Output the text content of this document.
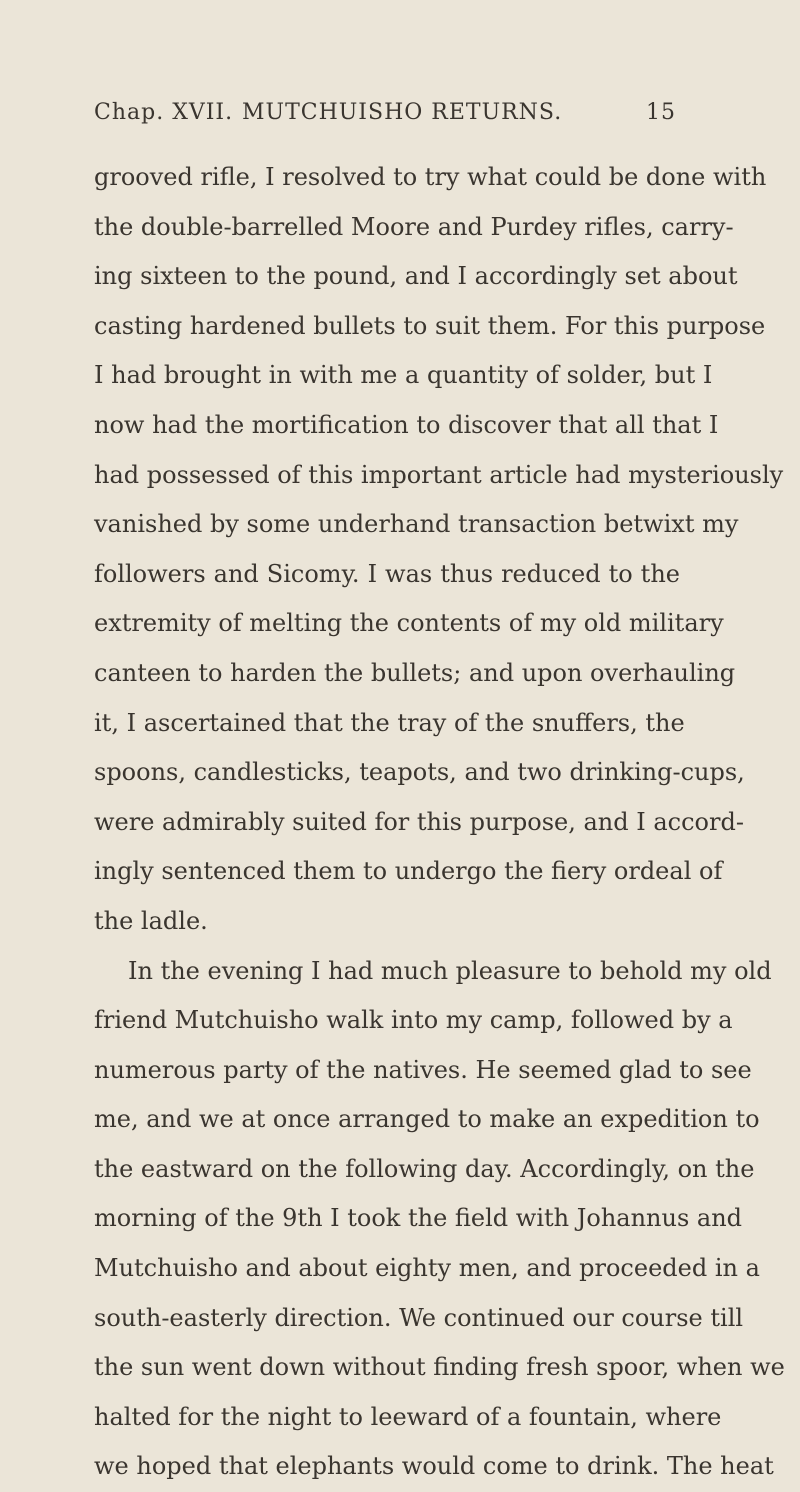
Chap. XVII. MUTCHUISHO RETURNS.	15
grooved rifle, I resolved to try what could be done with
the double-barrelled Moore and Purdey rifles, carry-
ing sixteen to the pound, and I accordingly set about
casting hardened bullets to suit them. For this purpose
I had brought in with me a quantity of solder, but I
now had the mortification to discover that all that I
had possessed of this important article had mysteriously
vanished by some underhand transaction betwixt my
followers and Sicomy. I was thus reduced to the
extremity of melting the contents of my old military
canteen to harden the bullets; and upon overhauling
it, I ascertained that the tray of the snuffers, the
spoons, candlesticks, teapots, and two drinking-cups,
were admirably suited for this purpose, and I accord-
ingly sentenced them to undergo the fiery ordeal of
the ladle.
In the evening I had much pleasure to behold my old
friend Mutchuisho walk into my camp, followed by a
numerous party of the natives. He seemed glad to see
me, and we at once arranged to make an expedition to
the eastward on the following day. Accordingly, on the
morning of the 9th I took the field with Johannus and
Mutchuisho and about eighty men, and proceeded in a
south-easterly direction. We continued our course till
the sun went down without finding fresh spoor, when we
halted for the night to leeward of a fountain, where
we hoped that elephants would come to drink. The heat
